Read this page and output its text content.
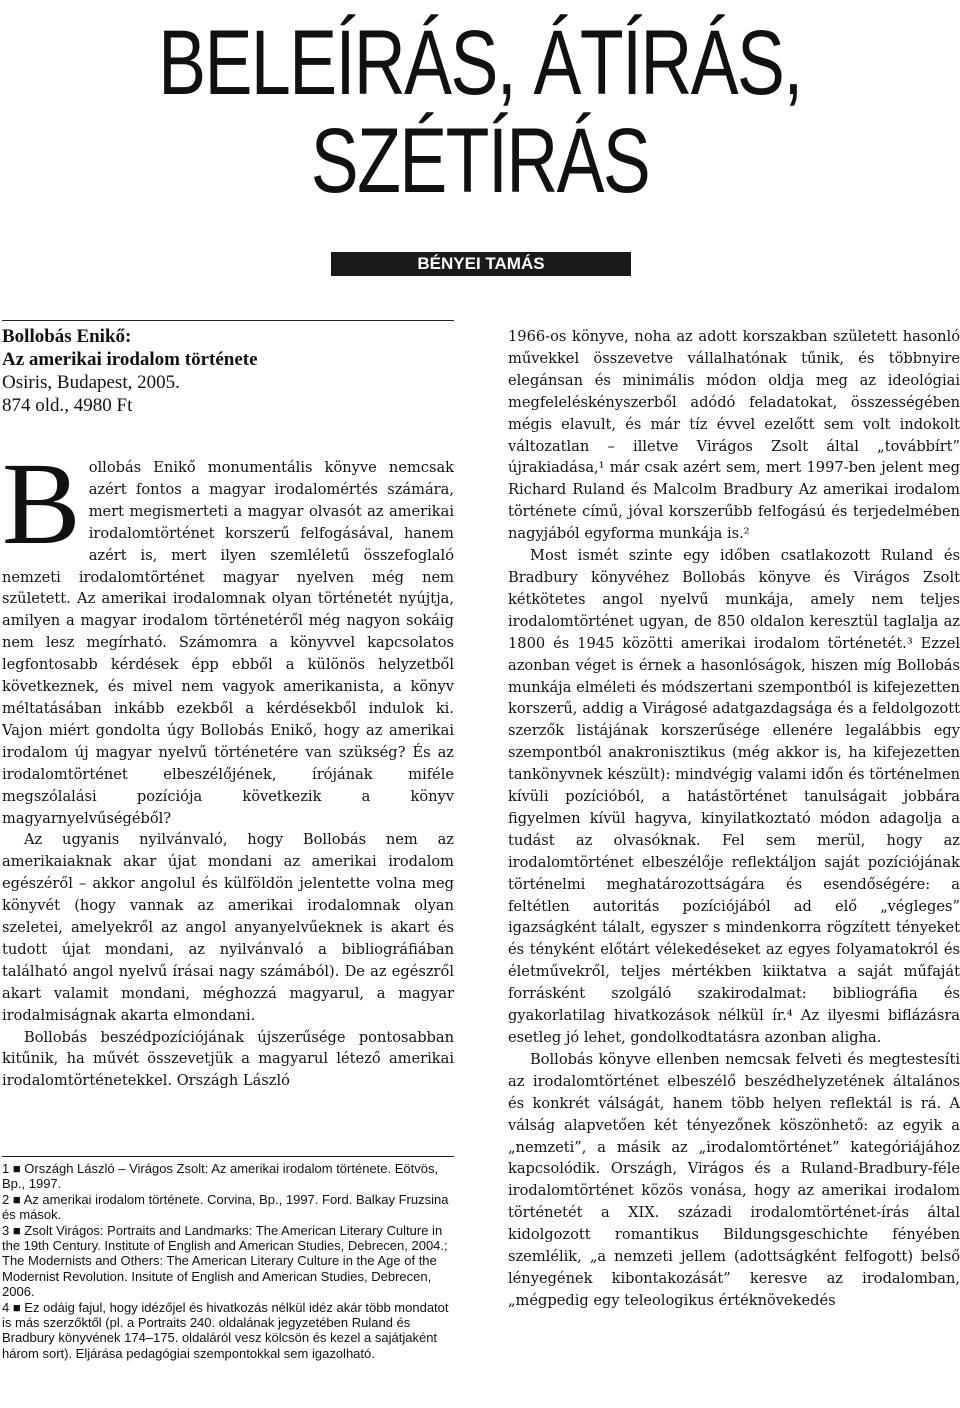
BELEÍRÁS, ÁTÍRÁS,
SZÉTÍRÁS
BÉNYEI TAMÁS
Bollobás Enikő:
Az amerikai irodalom története
Osiris, Budapest, 2005.
874 old., 4980 Ft

Bollobás Enikő monumentális könyve nemcsak azért fontos a magyar irodalomértés számára, mert megismerteti a magyar olvasót az amerikai irodalomtörténet korszerű felfogásával, hanem azért is, mert ilyen szemléletű összefoglaló nemzeti irodalomtörténet magyar nyelven még nem született. Az amerikai irodalomnak olyan történetét nyújtja, amilyen a magyar irodalom történetéről még nagyon sokáig nem lesz megírható. Számomra a könyvvel kapcsolatos legfontosabb kérdések épp ebből a különös helyzetből következnek, és mivel nem vagyok amerikanista, a könyv méltatásában inkább ezekből a kérdésekből indulok ki. Vajon miért gondolta úgy Bollobás Enikő, hogy az amerikai irodalom új magyar nyelvű történetére van szükség? És az irodalomtörténet elbeszélőjének, írójának miféle megszólalási pozíciója következik a könyv magyarnyelvűségéből?

Az ugyanis nyilvánvaló, hogy Bollobás nem az amerikaiaknak akar újat mondani az amerikai irodalom egészéről – akkor angolul és külföldön jelentette volna meg könyvét (hogy vannak az amerikai irodalomnak olyan szeletei, amelyekről az angol anyanyelvűeknek is akart és tudott újat mondani, az nyilvánvaló a bibliográfiában található angol nyelvű írásai nagy számából). De az egészről akart valamit mondani, méghozzá magyarul, a magyar irodalmiságnak akarta elmondani.

Bollobás beszédpozíciójának újszerűsége pontosabban kitűnik, ha művét összevetjük a magyarul létező amerikai irodalomtörténetekkel. Országh László

1 ■ Országh László – Virágos Zsolt: Az amerikai irodalom története. Eötvös, Bp., 1997.
2 ■ Az amerikai irodalom története. Corvina, Bp., 1997. Ford. Balkay Fruzsina és mások.
3 ■ Zsolt Virágos: Portraits and Landmarks: The American Literary Culture in the 19th Century. Institute of English and American Studies, Debrecen, 2004.; The Modernists and Others: The American Literary Culture in the Age of the Modernist Revolution. Insitute of English and American Studies, Debrecen, 2006.
4 ■ Ez odáig fajul, hogy idézőjel és hivatkozás nélkül idéz akár több mondatot is más szerzőktől (pl. a Portraits 240. oldalának jegyzetében Ruland és Bradbury könyvének 174–175. oldaláról vesz kölcsön és kezel a sajátjaként három sort). Eljárása pedagógiai szempontokkal sem igazolható.

1966-os könyve, noha az adott korszakban született hasonló művekkel összevetve vállalhatónak tűnik, és többnyire elegánsan és minimális módon oldja meg az ideológiai megfeleléskényszerből adódó feladatokat, összességében mégis elavult, és már tíz évvel ezelőtt sem volt indokolt változatlan – illetve Virágos Zsolt által „továbbírt” újrakiadása,¹ már csak azért sem, mert 1997-ben jelent meg Richard Ruland és Malcolm Bradbury Az amerikai irodalom története című, jóval korszerűbb felfogású és terjedelmében nagyjából egyforma munkája is.²

Most ismét szinte egy időben csatlakozott Ruland és Bradbury könyvéhez Bollobás könyve és Virágos Zsolt kétkötetes angol nyelvű munkája, amely nem teljes irodalomtörténet ugyan, de 850 oldalon keresztül taglalja az 1800 és 1945 közötti amerikai irodalom történetét.³ Ezzel azonban véget is érnek a hasonlóságok, hiszen míg Bollobás munkája elméleti és módszertani szempontból is kifejezetten korszerű, addig a Virágosé adatgazdagsága és a feldolgozott szerzők listájának korszerűsége ellenére legalábbis egy szempontból anakronisztikus (még akkor is, ha kifejezetten tankönyvnek készült): mindvégig valami időn és történelmen kívüli pozícióból, a hatástörténet tanulságait jobbára figyelmen kívül hagyva, kinyilatkoztató módon adagolja a tudást az olvasóknak. Fel sem merül, hogy az irodalomtörténet elbeszélője reflektáljon saját pozíciójának történelmi meghatározottságára és esendőségére: a feltétlen autoritás pozíciójából ad elő „végleges” igazságként tálalt, egyszer s mindenkorra rögzített tényeket és tényként előtárt vélekedéseket az egyes folyamatokról és életművekről, teljes mértékben kiiktatva a saját műfaját forrásként szolgáló szakirodalmat: bibliográfia és gyakorlatilag hivatkozások nélkül ír.⁴ Az ilyesmi biflázásra esetleg jó lehet, gondolkodtatásra azonban aligha.

Bollobás könyve ellenben nemcsak felveti és megtestesíti az irodalomtörténet elbeszélő beszédhelyzetének általános és konkrét válságát, hanem több helyen reflektál is rá. A válság alapvetően két tényezőnek köszönhető: az egyik a „nemzeti”, a másik az „irodalomtörténet” kategóriájához kapcsolódik. Országh, Virágos és a Ruland-Bradbury-féle irodalomtörténet közös vonása, hogy az amerikai irodalom történetét a XIX. századi irodalomtörténet-írás által kidolgozott romantikus Bildungsgeschichte fényében szemlélik, „a nemzeti jellem (adottságként felfogott) belső lényegének kibontakozását” keresve az irodalomban, „mégpedig egy teleologikus értéknövekedés
